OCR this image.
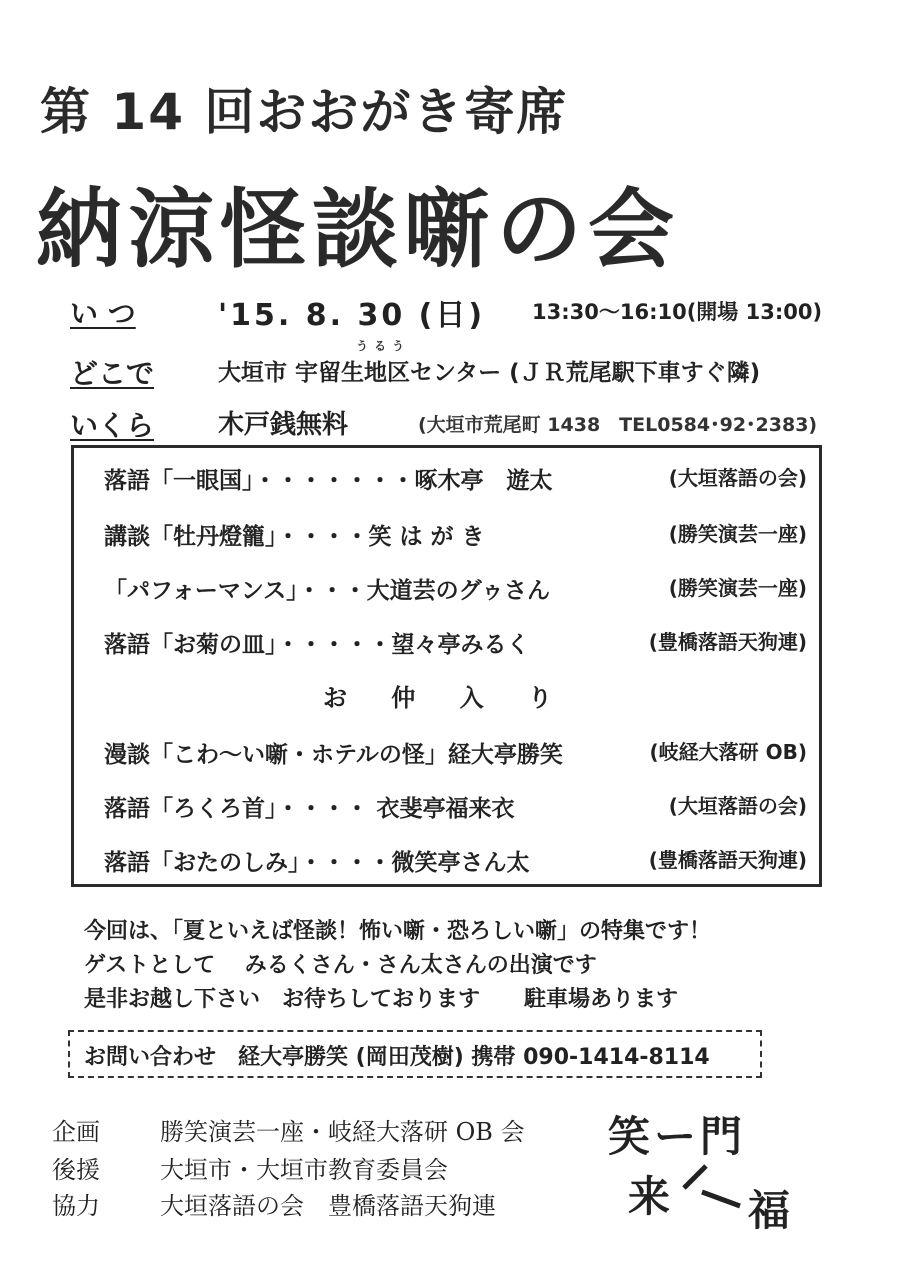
第 14 回おおがき寄席
納涼怪談噺の会
い つ	'15. 8. 30 (日) 13:30～16:10(開場 13:00)
うるう
どこで	大垣市 宇留生地区センター (ＪＲ荒尾駅下車すぐ隣)
いくら 木戸銭無料	(大垣市荒尾町 1438　TEL0584･92･2383)
落語「一眼国」・・・・・・・啄木亭　遊太	(大垣落語の会)
講談「牡丹燈籠」・・・・笑 は が き	(勝笑演芸一座)
「パフォーマンス」・・・大道芸のグゥさん	(勝笑演芸一座)
落語「お菊の皿」・・・・・望々亭みるく	(豊橋落語天狗連)
お 仲 入 り
漫談「こわ～い噺・ホテルの怪」経大亭勝笑	(岐経大落研 OB)
落語「ろくろ首」・・・・ 衣斐亭福来衣	(大垣落語の会)
落語「おたのしみ」・・・・微笑亭さん太	(豊橋落語天狗連)
今回は、「夏といえば怪談！怖い噺・恐ろしい噺」の特集です！
ゲストとして　 みるくさん・さん太さんの出演です
是非お越し下さい　お待ちしております　　駐車場あります
お問い合わせ　経大亭勝笑 (岡田茂樹) 携帯 090-1414-8114
企画	勝笑演芸一座・岐経大落研 OB 会
後援	大垣市・大垣市教育委員会
協力	大垣落語の会　豊橋落語天狗連
笑ー門
来 福
